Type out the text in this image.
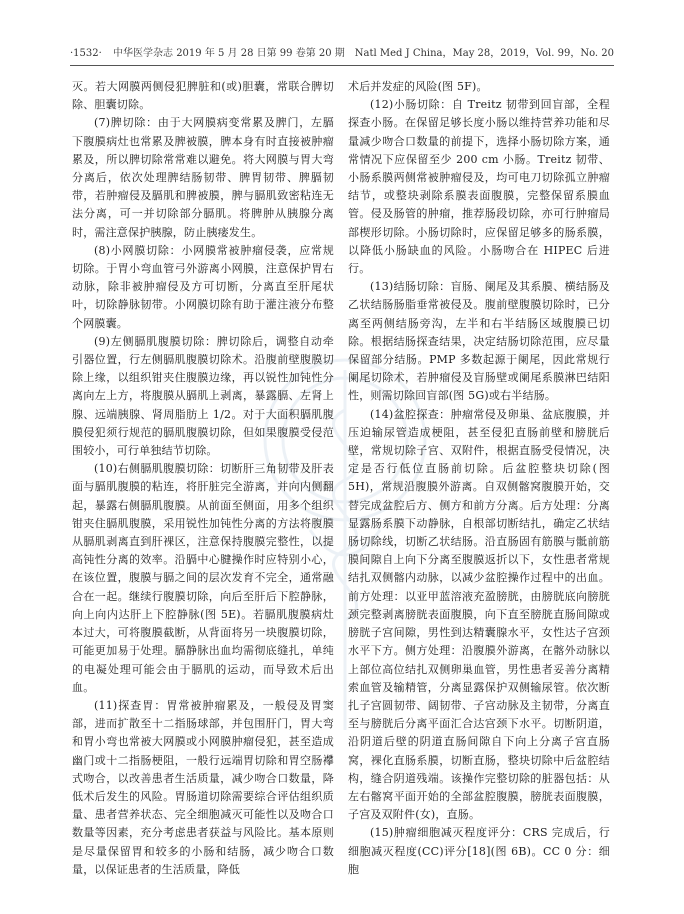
·1532· 中华医学杂志 2019 年 5 月 28 日第 99 卷第 20 期　Natl Med J China，May 28，2019，Vol. 99，No. 20

灭。若大网膜两侧侵犯脾脏和(或)胆囊，常联合脾切除、胆囊切除。

(7)脾切除：由于大网膜病变常累及脾门，左膈下腹膜病灶也常累及脾被膜，脾本身有时直接被肿瘤累及，所以脾切除常常难以避免。将大网膜与胃大弯分离后，依次处理脾结肠韧带、脾胃韧带、脾膈韧带，若肿瘤侵及膈肌和脾被膜，脾与膈肌致密粘连无法分离，可一并切除部分膈肌。将脾肿从胰腺分离时，需注意保护胰腺，防止胰瘘发生。

(8)小网膜切除：小网膜常被肿瘤侵袭，应常规切除。于胃小弯血管弓外游离小网膜，注意保护胃右动脉，除非被肿瘤侵及方可切断，分离直至肝尾状叶，切除静脉韧带。小网膜切除有助于灌注液分布整个网膜囊。

(9)左侧膈肌腹膜切除：脾切除后，调整自动牵引器位置，行左侧膈肌腹膜切除术。沿腹前壁腹膜切除上缘，以组织钳夹住腹膜边缘，再以锐性加钝性分离向左上方，将腹膜从膈肌上剥离，暴露膈、左肾上腺、远端胰腺、肾周脂肪上 1/2。对于大面积膈肌腹膜侵犯须行规范的膈肌腹膜切除，但如果腹膜受侵范围较小，可行单独结节切除。

(10)右侧膈肌腹膜切除：切断肝三角韧带及肝表面与膈肌腹膜的粘连，将肝脏完全游离，并向内侧翻起，暴露右侧膈肌腹膜。从前面至侧面，用多个组织钳夹住膈肌腹膜，采用锐性加钝性分离的方法将腹膜从膈肌剥离直到肝裸区，注意保持腹膜完整性，以提高钝性分离的效率。沿膈中心腱操作时应特别小心，在该位置，腹膜与膈之间的层次发育不完全，通常融合在一起。继续行腹膜切除，向后至肝后下腔静脉，向上向内达肝上下腔静脉(图 5E)。若膈肌腹膜病灶本过大，可将腹膜截断，从背面将另一块腹膜切除，可能更加易于处理。膈静脉出血均需彻底缝扎，单纯的电凝处理可能会由于膈肌的运动，而导致术后出血。

(11)探查胃：胃常被肿瘤累及，一般侵及胃窦部，进而扩散至十二指肠球部，并包围肝门，胃大弯和胃小弯也常被大网膜或小网膜肿瘤侵犯，甚至造成幽门或十二指肠梗阻，一般行远端胃切除和胃空肠襻式吻合，以改善患者生活质量，减少吻合口数量，降低术后发生的风险。胃肠道切除需要综合评估组织质量、患者营养状态、完全细胞减灭可能性以及吻合口数量等因素，充分考虑患者获益与风险比。基本原则是尽量保留胃和较多的小肠和结肠，减少吻合口数量，以保证患者的生活质量，降低

术后并发症的风险(图 5F)。

(12)小肠切除：自 Treitz 韧带到回盲部，全程探查小肠。在保留足够长度小肠以维持营养功能和尽量减少吻合口数量的前提下，选择小肠切除方案，通常情况下应保留至少 200 cm 小肠。Treitz 韧带、小肠系膜两侧常被肿瘤侵及，均可电刀切除孤立肿瘤结节，或整块剥除系膜表面腹膜，完整保留系膜血管。侵及肠管的肿瘤，推荐肠段切除，亦可行肿瘤局部楔形切除。小肠切除时，应保留足够多的肠系膜，以降低小肠缺血的风险。小肠吻合在 HIPEC 后进行。

(13)结肠切除：盲肠、阑尾及其系膜、横结肠及乙状结肠肠脂垂常被侵及。腹前壁腹膜切除时，已分离至两侧结肠旁沟，左半和右半结肠区域腹膜已切除。根据结肠探查结果，决定结肠切除范围，应尽量保留部分结肠。PMP 多数起源于阑尾，因此常规行阑尾切除术，若肿瘤侵及盲肠壁或阑尾系膜淋巴结阳性，则需切除回盲部(图 5G)或右半结肠。

(14)盆腔探查：肿瘤常侵及卵巢、盆底腹膜，并压迫输尿管造成梗阻，甚至侵犯直肠前壁和膀胱后壁，常规切除子宫、双附件，根据直肠受侵情况，决定是否行低位直肠前切除。后盆腔整块切除(图 5H)，常规沿腹膜外游离。自双侧髂窝腹膜开始，交替完成盆腔后方、侧方和前方分离。后方处理：分离显露肠系膜下动静脉，自根部切断结扎，确定乙状结肠切除线，切断乙状结肠。沿直肠固有筋膜与骶前筋膜间隙自上向下分离至腹膜返折以下，女性患者常规结扎双侧髂内动脉，以减少盆腔操作过程中的出血。前方处理：以亚甲蓝溶液充盈膀胱，由膀胱底向膀胱颈完整剥离膀胱表面腹膜，向下直至膀胱直肠间隙或膀胱子宫间隙，男性到达精囊腺水平，女性达子宫颈水平下方。侧方处理：沿腹膜外游离，在髂外动脉以上部位高位结扎双侧卵巢血管，男性患者妥善分离精索血管及输精管，分离显露保护双侧输尿管。依次断扎子宫圆韧带、阔韧带、子宫动脉及主韧带，分离直至与膀胱后分离平面汇合达宫颈下水平。切断阴道，沿阴道后壁的阴道直肠间隙自下向上分离子宫直肠窝，裸化直肠系膜，切断直肠，整块切除中后盆腔结构，缝合阴道残端。该操作完整切除的脏器包括：从左右髂窝平面开始的全部盆腔腹膜，膀胱表面腹膜，子宫及双附件(女)，直肠。

(15)肿瘤细胞减灭程度评分：CRS 完成后，行细胞减灭程度(CC)评分[18](图 6B)。CC 0 分：细胞
